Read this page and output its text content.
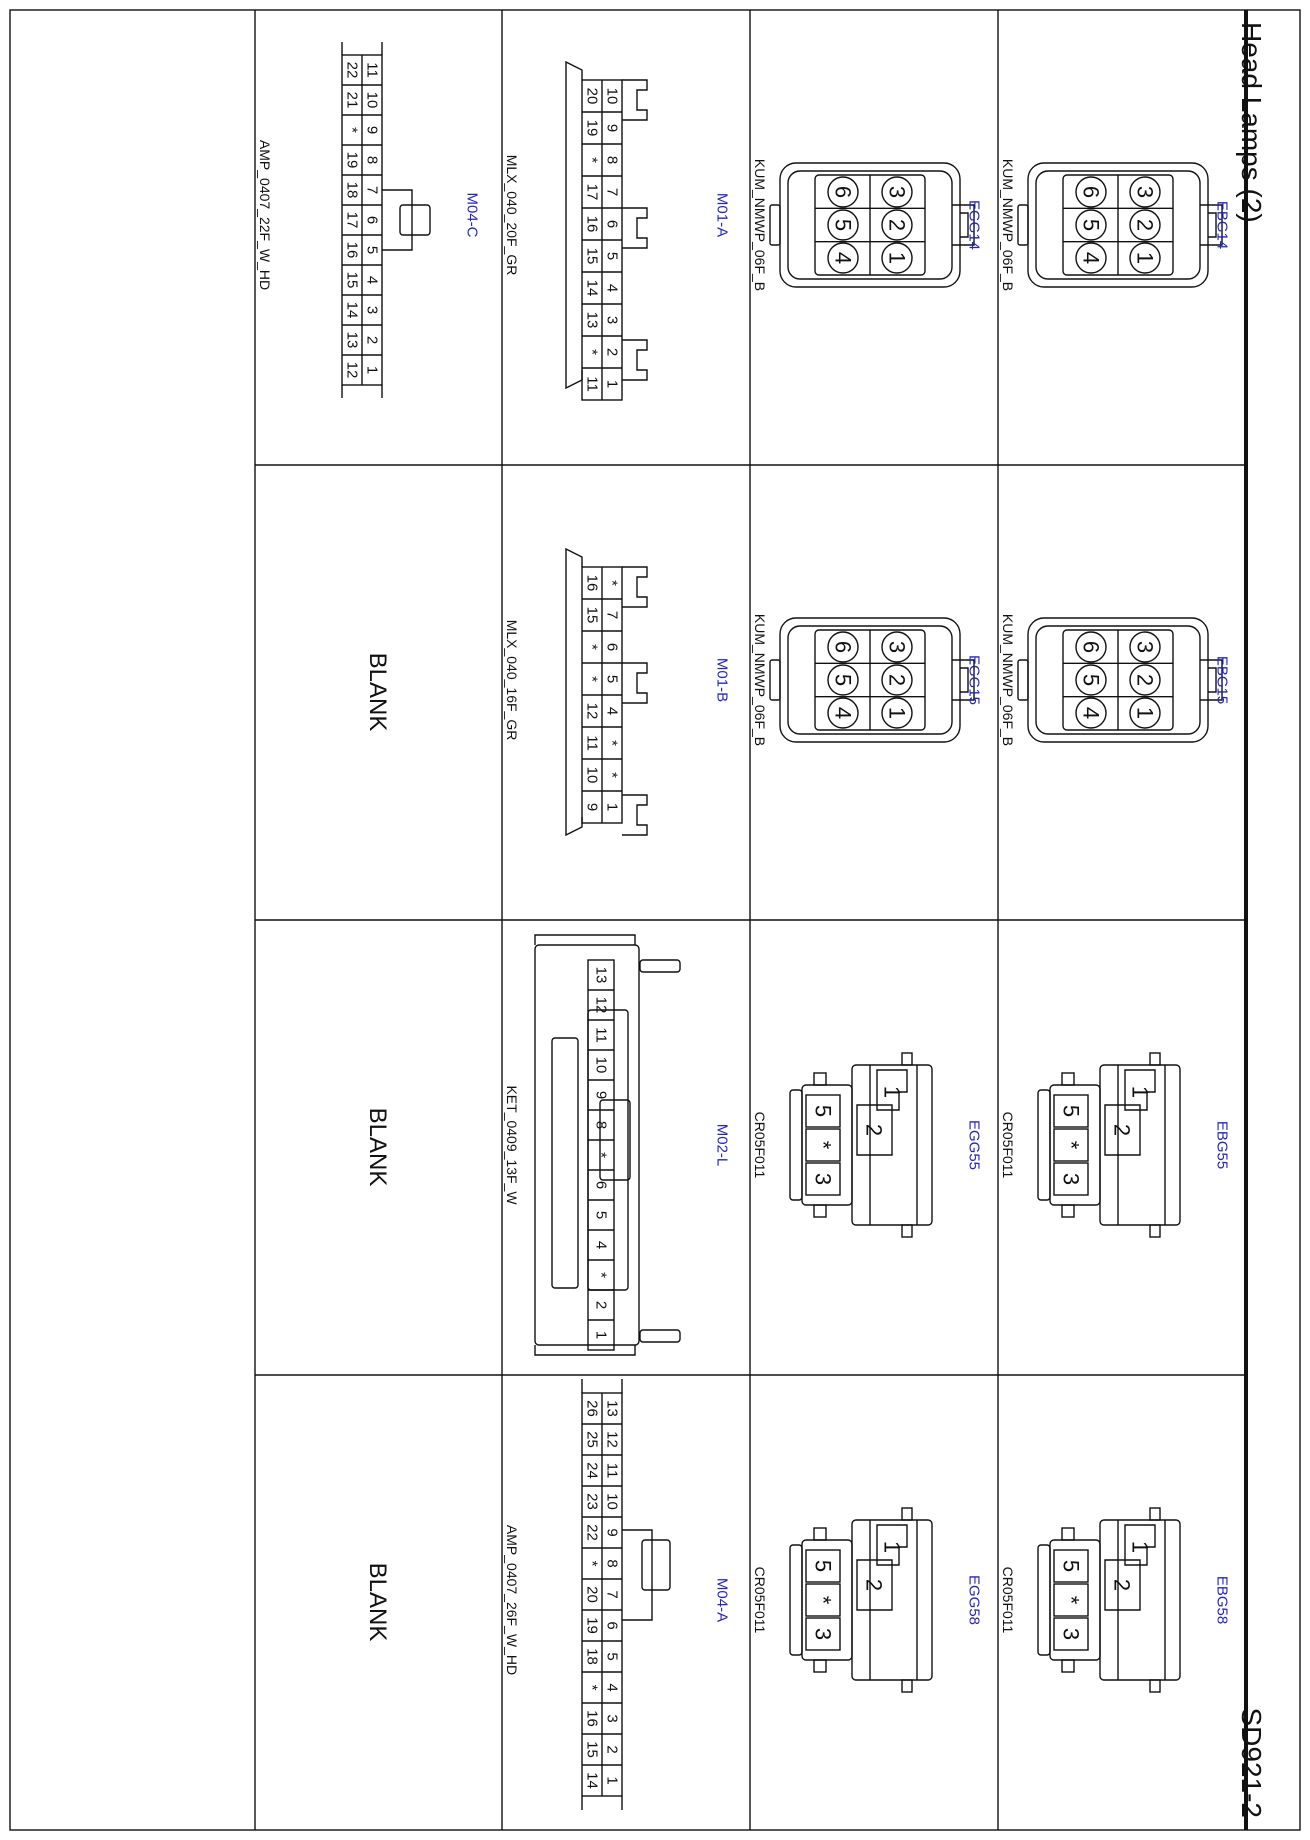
Head Lamps (2)
SD921-2
BLANK
BLANK
BLANK
3
2
1
6
5
4
EBG14
KUM_NMWP_06F_B
3
2
1
6
5
4
EBG15
KUM_NMWP_06F_B
1
2
5
*
3
EBG55
CR05F011
1
2
5
*
3
EBG58
CR05F011
3
2
1
6
5
4
EGG14
KUM_NMWP_06F_B
3
2
1
6
5
4
EGG15
KUM_NMWP_06F_B
1
2
5
*
3
EGG55
CR05F011
1
2
5
*
3
EGG58
CR05F011
M01-A
MLX_040_20F_GR
10
9
8
7
6
5
4
3
2
1
20
19
*
17
16
15
14
13
*
11
M01-B
MLX_040_16F_GR
*
7
6
5
4
*
*
1
16
15
*
*
12
11
10
9
M02-L
KET_0409_13F_W
13
12
11
10
9
8
*
6
5
4
*
2
1
M04-A
AMP_0407_26F_W_HD
13
12
11
10
9
8
7
6
5
4
3
2
1
26
25
24
23
22
*
20
19
18
*
16
15
14
M04-C
AMP_0407_22F_W_HD
11
10
9
8
7
6
5
4
3
2
1
22
21
*
19
18
17
16
15
14
13
12
